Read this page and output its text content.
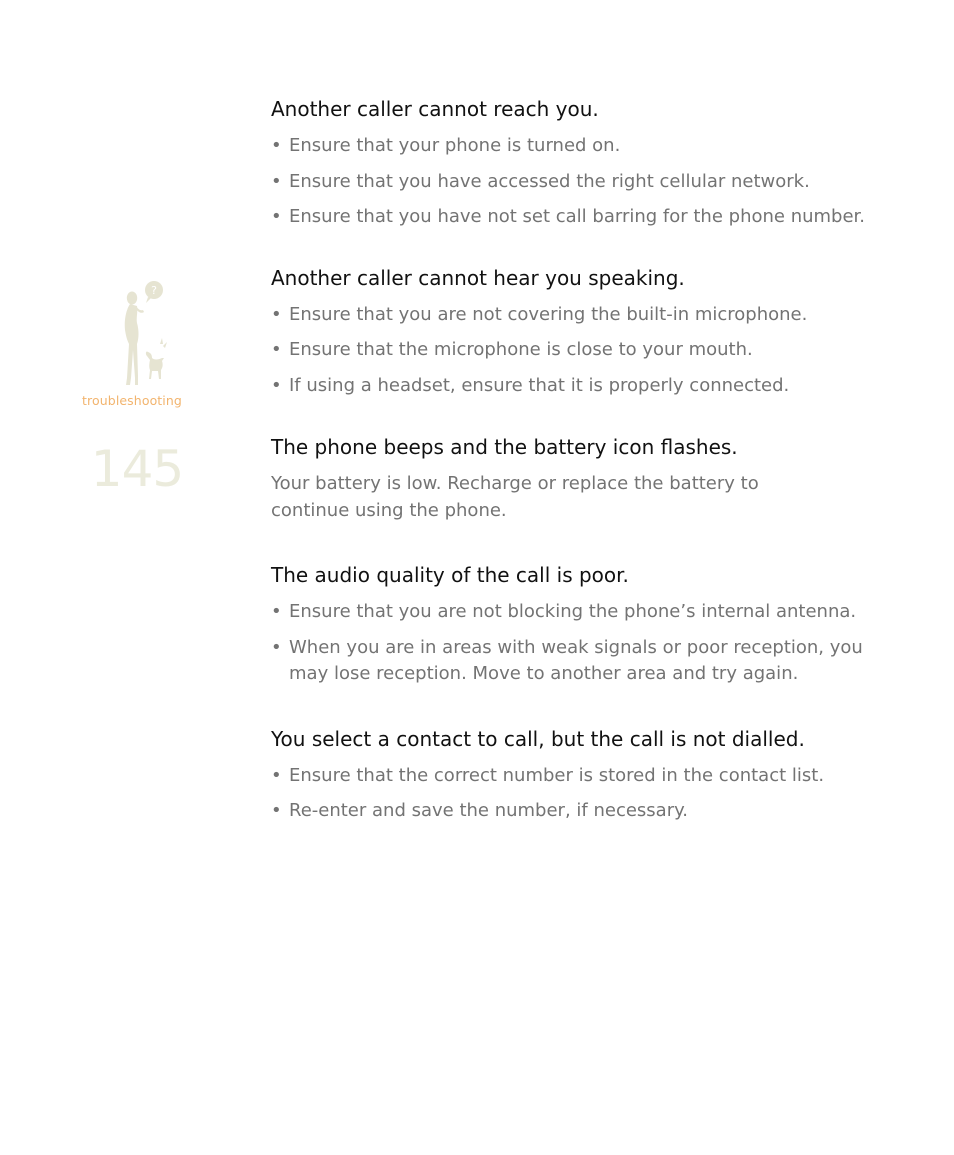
?
troubleshooting
145
Another caller cannot reach you.
• Ensure that your phone is turned on.
• Ensure that you have accessed the right cellular network.
• Ensure that you have not set call barring for the phone number.
Another caller cannot hear you speaking.
• Ensure that you are not covering the built-in microphone.
• Ensure that the microphone is close to your mouth.
• If using a headset, ensure that it is properly connected.
The phone beeps and the battery icon flashes.

Your battery is low. Recharge or replace the battery to continue using the phone.

The audio quality of the call is poor.
• Ensure that you are not blocking the phone’s internal antenna.
• When you are in areas with weak signals or poor reception, you may lose reception. Move to another area and try again.
You select a contact to call, but the call is not dialled.
• Ensure that the correct number is stored in the contact list.
• Re-enter and save the number, if necessary.
